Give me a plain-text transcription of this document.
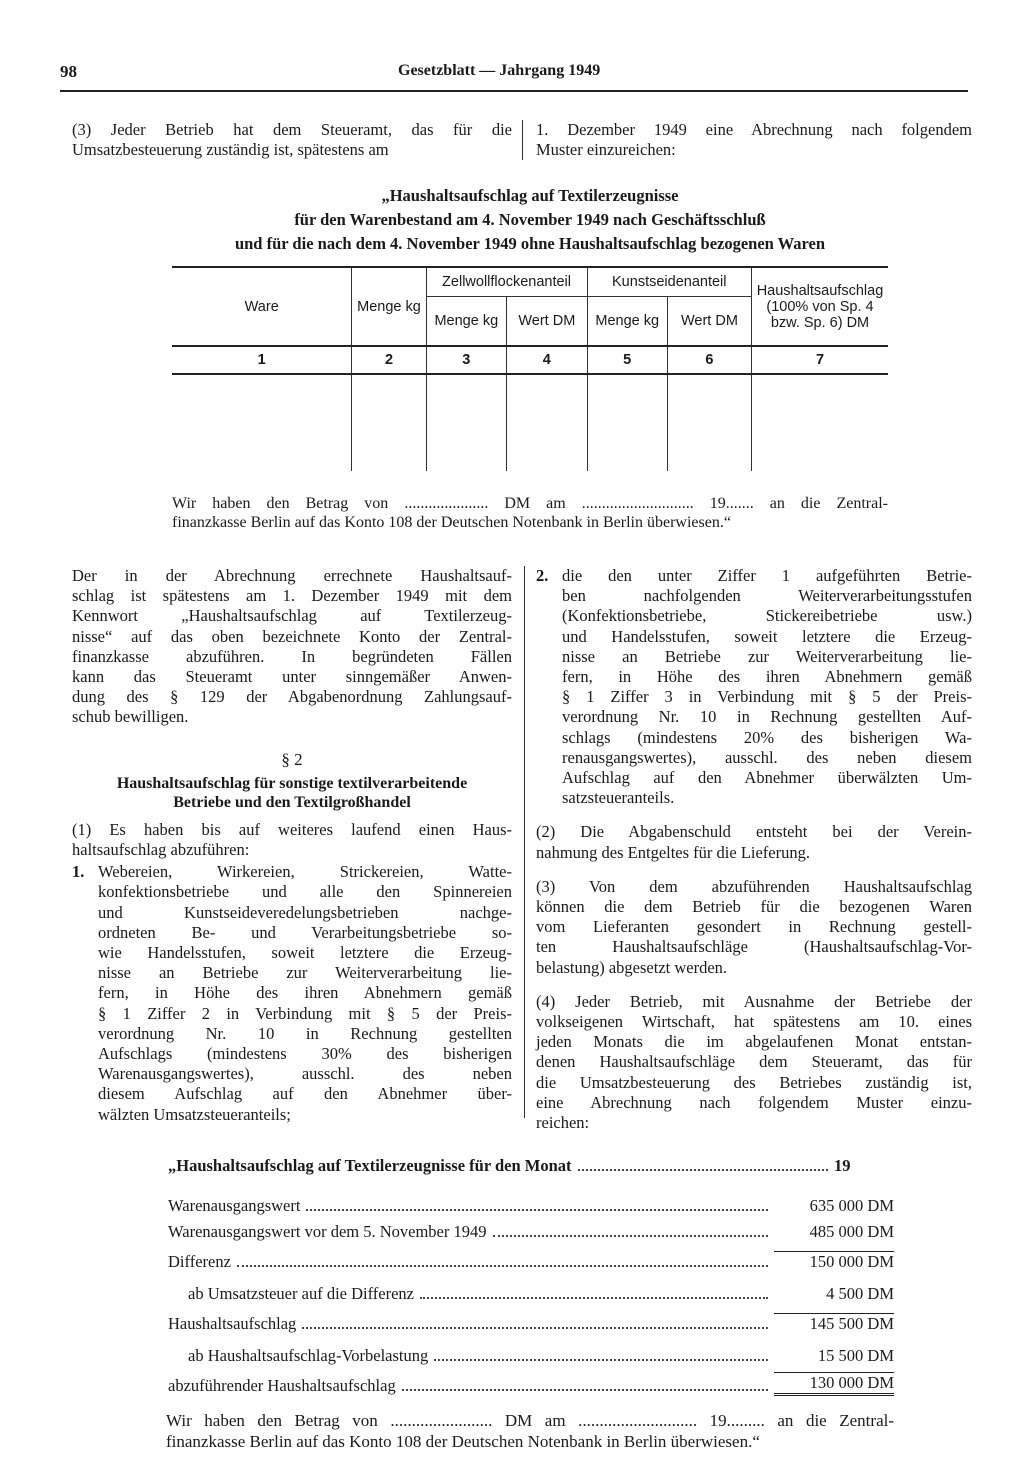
98	Gesetzblatt — Jahrgang 1949
(3) Jeder Betrieb hat dem Steueramt, das für die
Umsatzbesteuerung zuständig ist, spätestens am
1. Dezember 1949 eine Abrechnung nach folgendem
Muster einzureichen:
„Haushaltsaufschlag auf Textilerzeugnisse
für den Warenbestand am 4. November 1949 nach Geschäftsschluß
und für die nach dem 4. November 1949 ohne Haushaltsaufschlag bezogenen Waren
Ware	Menge kg	Zellwollflockenanteil		Kunstseidenanteil		Haushaltsaufschlag (100% von Sp. 4 bzw. Sp. 6) DM
		Menge kg	Wert DM	Menge kg	Wert DM	
1	2	3	4	5	6	7

Wir haben den Betrag von ..................... DM am ............................ 19....... an die Zentral-
finanzkasse Berlin auf das Konto 108 der Deutschen Notenbank in Berlin überwiesen.“
Der in der Abrechnung errechnete Haushaltsauf-
schlag ist spätestens am 1. Dezember 1949 mit dem
Kennwort „Haushaltsaufschlag auf Textilerzeug-
nisse“ auf das oben bezeichnete Konto der Zentral-
finanzkasse abzuführen. In begründeten Fällen
kann das Steueramt unter sinngemäßer Anwen-
dung des § 129 der Abgabenordnung Zahlungsauf-
schub bewilligen.
§ 2
Haushaltsaufschlag für sonstige textilverarbeitende
Betriebe und den Textilgroßhandel
(1) Es haben bis auf weiteres laufend einen Haus-
haltsaufschlag abzuführen:
1. Webereien, Wirkereien, Strickereien, Watte-
konfektionsbetriebe und alle den Spinnereien
und Kunstseideveredelungsbetrieben nachge-
ordneten Be- und Verarbeitungsbetriebe so-
wie Handelsstufen, soweit letztere die Erzeug-
nisse an Betriebe zur Weiterverarbeitung lie-
fern, in Höhe des ihren Abnehmern gemäß
§ 1 Ziffer 2 in Verbindung mit § 5 der Preis-
verordnung Nr. 10 in Rechnung gestellten
Aufschlags (mindestens 30% des bisherigen
Warenausgangswertes), ausschl. des neben
diesem Aufschlag auf den Abnehmer über-
wälzten Umsatzsteueranteils;
2. die den unter Ziffer 1 aufgeführten Betrie-
ben nachfolgenden Weiterverarbeitungsstufen
(Konfektionsbetriebe, Stickereibetriebe usw.)
und Handelsstufen, soweit letztere die Erzeug-
nisse an Betriebe zur Weiterverarbeitung lie-
fern, in Höhe des ihren Abnehmern gemäß
§ 1 Ziffer 3 in Verbindung mit § 5 der Preis-
verordnung Nr. 10 in Rechnung gestellten Auf-
schlags (mindestens 20% des bisherigen Wa-
renausgangswertes), ausschl. des neben diesem
Aufschlag auf den Abnehmer überwälzten Um-
satzsteueranteils.
(2) Die Abgabenschuld entsteht bei der Verein-
nahmung des Entgeltes für die Lieferung.
(3) Von dem abzuführenden Haushaltsaufschlag
können die dem Betrieb für die bezogenen Waren
vom Lieferanten gesondert in Rechnung gestell-
ten Haushaltsaufschläge (Haushaltsaufschlag-Vor-
belastung) abgesetzt werden.
(4) Jeder Betrieb, mit Ausnahme der Betriebe der
volkseigenen Wirtschaft, hat spätestens am 10. eines
jeden Monats die im abgelaufenen Monat entstan-
denen Haushaltsaufschläge dem Steueramt, das für
die Umsatzbesteuerung des Betriebes zuständig ist,
eine Abrechnung nach folgendem Muster einzu-
reichen:
„Haushaltsaufschlag auf Textilerzeugnisse für den Monat	19
Warenausgangswert	635 000 DM
Warenausgangswert vor dem 5. November 1949	485 000 DM
Differenz	150 000 DM
ab Umsatzsteuer auf die Differenz	4 500 DM
Haushaltsaufschlag	145 500 DM
ab Haushaltsaufschlag-Vorbelastung	15 500 DM
abzuführender Haushaltsaufschlag	130 000 DM
Wir haben den Betrag von ........................ DM am ............................ 19......... an die Zentral-
finanzkasse Berlin auf das Konto 108 der Deutschen Notenbank in Berlin überwiesen.“
